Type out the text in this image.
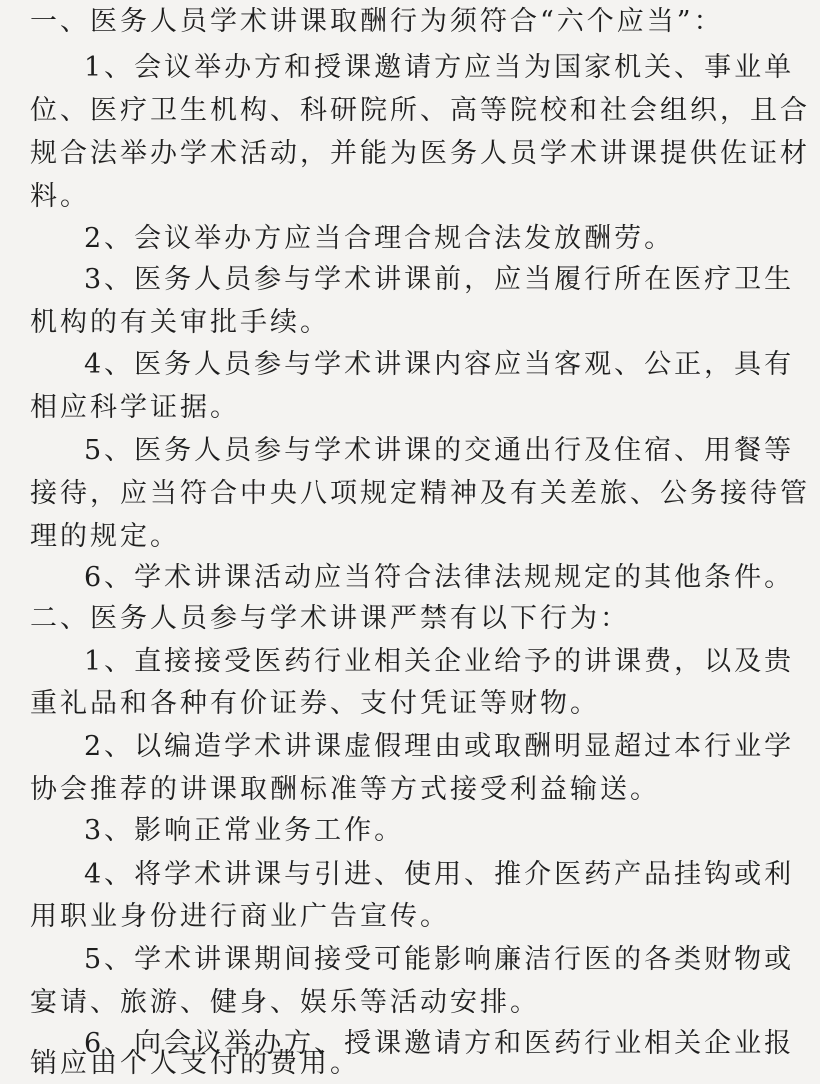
一、医务人员学术讲课取酬行为须符合“六个应当”：
1、会议举办方和授课邀请方应当为国家机关、事业单
位、医疗卫生机构、科研院所、高等院校和社会组织，且合
规合法举办学术活动，并能为医务人员学术讲课提供佐证材
料。
2、会议举办方应当合理合规合法发放酬劳。
3、医务人员参与学术讲课前，应当履行所在医疗卫生
机构的有关审批手续。
4、医务人员参与学术讲课内容应当客观、公正，具有
相应科学证据。
5、医务人员参与学术讲课的交通出行及住宿、用餐等
接待，应当符合中央八项规定精神及有关差旅、公务接待管
理的规定。
6、学术讲课活动应当符合法律法规规定的其他条件。
二、医务人员参与学术讲课严禁有以下行为：
1、直接接受医药行业相关企业给予的讲课费，以及贵
重礼品和各种有价证券、支付凭证等财物。
2、以编造学术讲课虚假理由或取酬明显超过本行业学
协会推荐的讲课取酬标准等方式接受利益输送。
3、影响正常业务工作。
4、将学术讲课与引进、使用、推介医药产品挂钩或利
用职业身份进行商业广告宣传。
5、学术讲课期间接受可能影响廉洁行医的各类财物或
宴请、旅游、健身、娱乐等活动安排。
6、向会议举办方、授课邀请方和医药行业相关企业报
销应由个人支付的费用。
